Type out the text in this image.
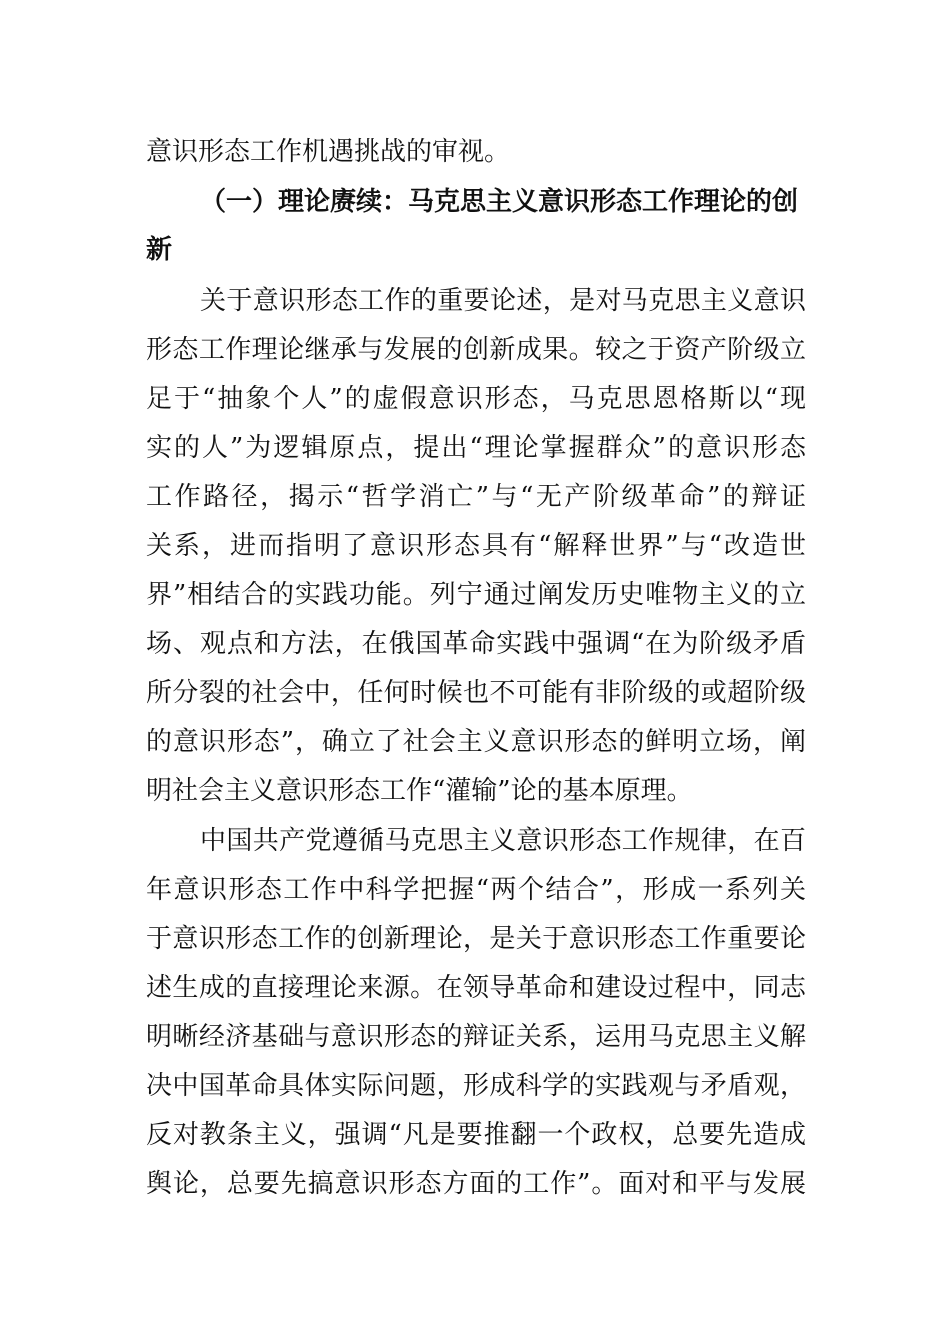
意识形态工作机遇挑战的审视。
（一）理论赓续：马克思主义意识形态工作理论的创
新
关于意识形态工作的重要论述，是对马克思主义意识
形态工作理论继承与发展的创新成果。较之于资产阶级立
足于“抽象个人”的虚假意识形态，马克思恩格斯以“现
实的人”为逻辑原点，提出“理论掌握群众”的意识形态
工作路径，揭示“哲学消亡”与“无产阶级革命”的辩证
关系，进而指明了意识形态具有“解释世界”与“改造世
界”相结合的实践功能。列宁通过阐发历史唯物主义的立
场、观点和方法，在俄国革命实践中强调“在为阶级矛盾
所分裂的社会中，任何时候也不可能有非阶级的或超阶级
的意识形态”，确立了社会主义意识形态的鲜明立场，阐
明社会主义意识形态工作“灌输”论的基本原理。
中国共产党遵循马克思主义意识形态工作规律，在百
年意识形态工作中科学把握“两个结合”，形成一系列关
于意识形态工作的创新理论，是关于意识形态工作重要论
述生成的直接理论来源。在领导革命和建设过程中，同志
明晰经济基础与意识形态的辩证关系，运用马克思主义解
决中国革命具体实际问题，形成科学的实践观与矛盾观，
反对教条主义，强调“凡是要推翻一个政权，总要先造成
舆论，总要先搞意识形态方面的工作”。面对和平与发展
